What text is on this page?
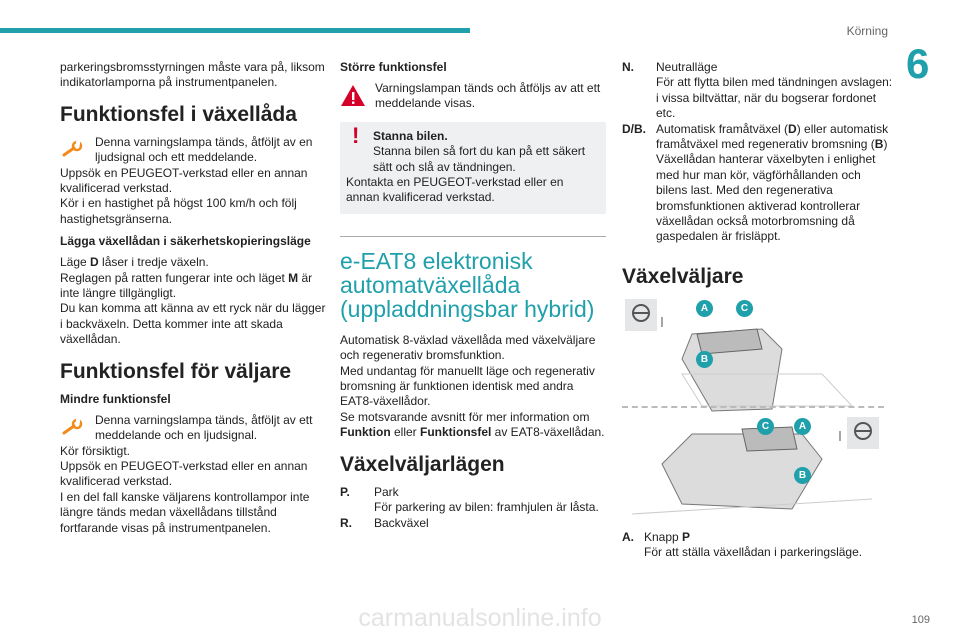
Körning
6

parkeringsbromsstyrningen måste vara på, liksom indikatorlamporna på instrumentpanelen.

Funktionsfel i växellåda

Denna varningslampa tänds, åtföljt av en ljudsignal och ett meddelande.

Uppsök en PEUGEOT-verkstad eller en annan kvalificerad verkstad.

Kör i en hastighet på högst 100 km/h och följ hastighetsgränserna.

Lägga växellådan i säkerhetskopieringsläge

Läge D låser i tredje växeln.

Reglagen på ratten fungerar inte och läget M är inte längre tillgängligt.

Du kan komma att känna av ett ryck när du lägger i backväxeln. Detta kommer inte att skada växellådan.

Funktionsfel för väljare
Mindre funktionsfel

Denna varningslampa tänds, åtföljt av ett meddelande och en ljudsignal.

Kör försiktigt.

Uppsök en PEUGEOT-verkstad eller en annan kvalificerad verkstad.

I en del fall kanske väljarens kontrollampor inte längre tänds medan växellådans tillstånd fortfarande visas på instrumentpanelen.

Större funktionsfel

Varningslampan tänds och åtföljs av att ett meddelande visas.

!	Stanna bilen.

Stanna bilen så fort du kan på ett säkert sätt och slå av tändningen.

Kontakta en PEUGEOT-verkstad eller en annan kvalificerad verkstad.

e-EAT8 elektronisk automatväxellåda (uppladdningsbar hybrid)

Automatisk 8-växlad växellåda med växelväljare och regenerativ bromsfunktion.

Med undantag för manuellt läge och regenerativ bromsning är funktionen identisk med andra EAT8-växellådor.

Se motsvarande avsnitt för mer information om Funktion eller Funktionsfel av EAT8-växellådan.

Växelväljarlägen
P.	Park

För parkering av bilen: framhjulen är låsta.

R.	Backväxel

N.	Neutralläge

För att flytta bilen med tändningen avslagen: i vissa biltvättar, när du bogserar fordonet etc.

D/B. Automatisk framåtväxel (D) eller automatisk framåtväxel med regenerativ bromsning (B)

Växellådan hanterar växelbyten i enlighet med hur man kör, vägförhållanden och bilens last. Med den regenerativa bromsfunktionen aktiverad kontrollerar växellådan också motorbromsning då gaspedalen är frisläppt.

Växelväljare
A	C
B
C	A
B
A. Knapp P

För att ställa växellådan i parkeringsläge.

carmanualsonline.info	109
